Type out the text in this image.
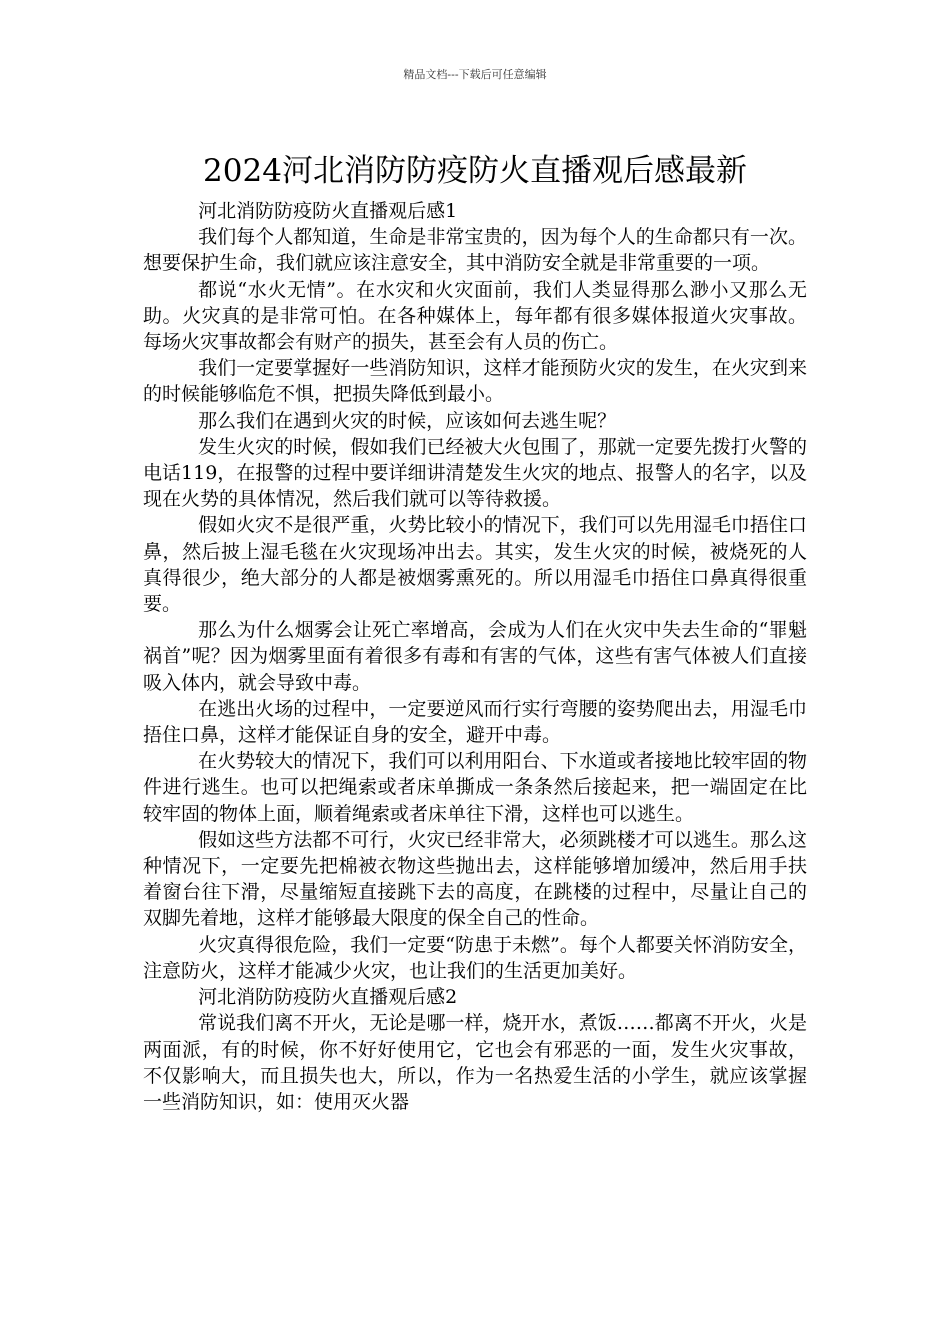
精品文档---下载后可任意编辑
2024河北消防防疫防火直播观后感最新

河北消防防疫防火直播观后感1

我们每个人都知道，生命是非常宝贵的，因为每个人的生命都只有一次。想要保护生命，我们就应该注意安全，其中消防安全就是非常重要的一项。

都说“水火无情”。在水灾和火灾面前，我们人类显得那么渺小又那么无助。火灾真的是非常可怕。在各种媒体上，每年都有很多媒体报道火灾事故。每场火灾事故都会有财产的损失，甚至会有人员的伤亡。

我们一定要掌握好一些消防知识，这样才能预防火灾的发生，在火灾到来的时候能够临危不惧，把损失降低到最小。

那么我们在遇到火灾的时候，应该如何去逃生呢？

发生火灾的时候，假如我们已经被大火包围了，那就一定要先拨打火警的电话119，在报警的过程中要详细讲清楚发生火灾的地点、报警人的名字，以及现在火势的具体情况，然后我们就可以等待救援。

假如火灾不是很严重，火势比较小的情况下，我们可以先用湿毛巾捂住口鼻，然后披上湿毛毯在火灾现场冲出去。其实，发生火灾的时候，被烧死的人真得很少，绝大部分的人都是被烟雾熏死的。所以用湿毛巾捂住口鼻真得很重要。

那么为什么烟雾会让死亡率增高，会成为人们在火灾中失去生命的“罪魁祸首”呢？因为烟雾里面有着很多有毒和有害的气体，这些有害气体被人们直接吸入体内，就会导致中毒。

在逃出火场的过程中，一定要逆风而行实行弯腰的姿势爬出去，用湿毛巾捂住口鼻，这样才能保证自身的安全，避开中毒。

在火势较大的情况下，我们可以利用阳台、下水道或者接地比较牢固的物件进行逃生。也可以把绳索或者床单撕成一条条然后接起来，把一端固定在比较牢固的物体上面，顺着绳索或者床单往下滑，这样也可以逃生。

假如这些方法都不可行，火灾已经非常大，必须跳楼才可以逃生。那么这种情况下，一定要先把棉被衣物这些抛出去，这样能够增加缓冲，然后用手扶着窗台往下滑，尽量缩短直接跳下去的高度，在跳楼的过程中，尽量让自己的双脚先着地，这样才能够最大限度的保全自己的性命。

火灾真得很危险，我们一定要“防患于未燃”。每个人都要关怀消防安全，注意防火，这样才能减少火灾，也让我们的生活更加美好。

河北消防防疫防火直播观后感2

常说我们离不开火，无论是哪一样，烧开水，煮饭……都离不开火，火是两面派，有的时候，你不好好使用它，它也会有邪恶的一面，发生火灾事故，不仅影响大，而且损失也大，所以，作为一名热爱生活的小学生，就应该掌握一些消防知识，如：使用灭火器
